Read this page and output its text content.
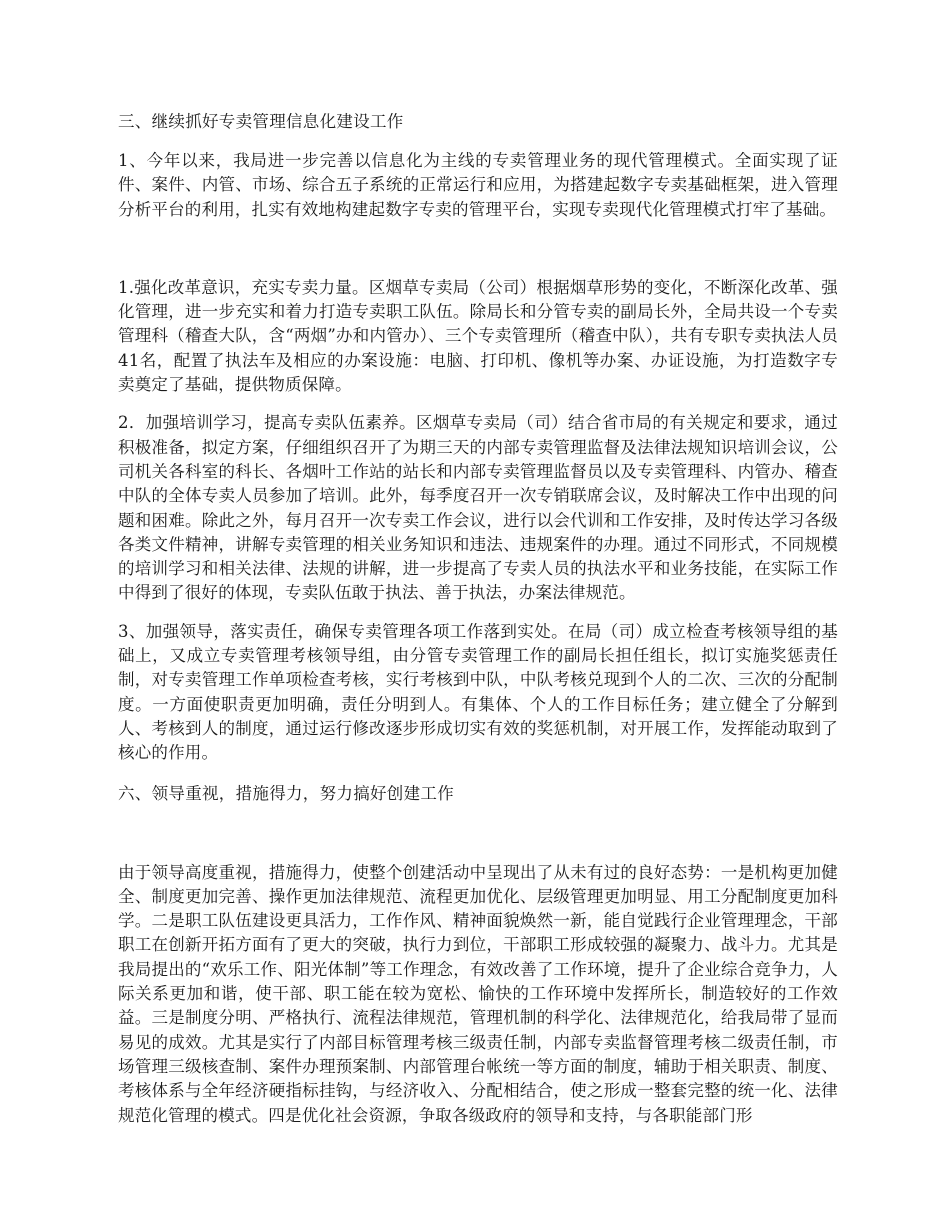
三、继续抓好专卖管理信息化建设工作
1、今年以来，我局进一步完善以信息化为主线的专卖管理业务的现代管理模式。全面实现了证件、案件、内管、市场、综合五子系统的正常运行和应用，为搭建起数字专卖基础框架，进入管理分析平台的利用，扎实有效地构建起数字专卖的管理平台，实现专卖现代化管理模式打牢了基础。
1.强化改革意识，充实专卖力量。区烟草专卖局（公司）根据烟草形势的变化，不断深化改革、强化管理，进一步充实和着力打造专卖职工队伍。除局长和分管专卖的副局长外，全局共设一个专卖管理科（稽查大队，含“两烟”办和内管办）、三个专卖管理所（稽查中队），共有专职专卖执法人员41名，配置了执法车及相应的办案设施：电脑、打印机、像机等办案、办证设施，为打造数字专卖奠定了基础，提供物质保障。
2．加强培训学习，提高专卖队伍素养。区烟草专卖局（司）结合省市局的有关规定和要求，通过积极准备，拟定方案，仔细组织召开了为期三天的内部专卖管理监督及法律法规知识培训会议，公司机关各科室的科长、各烟叶工作站的站长和内部专卖管理监督员以及专卖管理科、内管办、稽查中队的全体专卖人员参加了培训。此外，每季度召开一次专销联席会议，及时解决工作中出现的问题和困难。除此之外，每月召开一次专卖工作会议，进行以会代训和工作安排，及时传达学习各级各类文件精神，讲解专卖管理的相关业务知识和违法、违规案件的办理。通过不同形式，不同规模的培训学习和相关法律、法规的讲解，进一步提高了专卖人员的执法水平和业务技能，在实际工作中得到了很好的体现，专卖队伍敢于执法、善于执法，办案法律规范。
3、加强领导，落实责任，确保专卖管理各项工作落到实处。在局（司）成立检查考核领导组的基础上，又成立专卖管理考核领导组，由分管专卖管理工作的副局长担任组长，拟订实施奖惩责任制，对专卖管理工作单项检查考核，实行考核到中队，中队考核兑现到个人的二次、三次的分配制度。一方面使职责更加明确，责任分明到人。有集体、个人的工作目标任务；建立健全了分解到人、考核到人的制度，通过运行修改逐步形成切实有效的奖惩机制，对开展工作，发挥能动取到了核心的作用。
六、领导重视，措施得力，努力搞好创建工作
由于领导高度重视，措施得力，使整个创建活动中呈现出了从未有过的良好态势：一是机构更加健全、制度更加完善、操作更加法律规范、流程更加优化、层级管理更加明显、用工分配制度更加科学。二是职工队伍建设更具活力，工作作风、精神面貌焕然一新，能自觉践行企业管理理念，干部职工在创新开拓方面有了更大的突破，执行力到位，干部职工形成较强的凝聚力、战斗力。尤其是我局提出的“欢乐工作、阳光体制”等工作理念，有效改善了工作环境，提升了企业综合竞争力，人际关系更加和谐，使干部、职工能在较为宽松、愉快的工作环境中发挥所长，制造较好的工作效益。三是制度分明、严格执行、流程法律规范，管理机制的科学化、法律规范化，给我局带了显而易见的成效。尤其是实行了内部目标管理考核三级责任制，内部专卖监督管理考核二级责任制，市场管理三级核查制、案件办理预案制、内部管理台帐统一等方面的制度，辅助于相关职责、制度、考核体系与全年经济硬指标挂钩，与经济收入、分配相结合，使之形成一整套完整的统一化、法律规范化管理的模式。四是优化社会资源，争取各级政府的领导和支持，与各职能部门形
